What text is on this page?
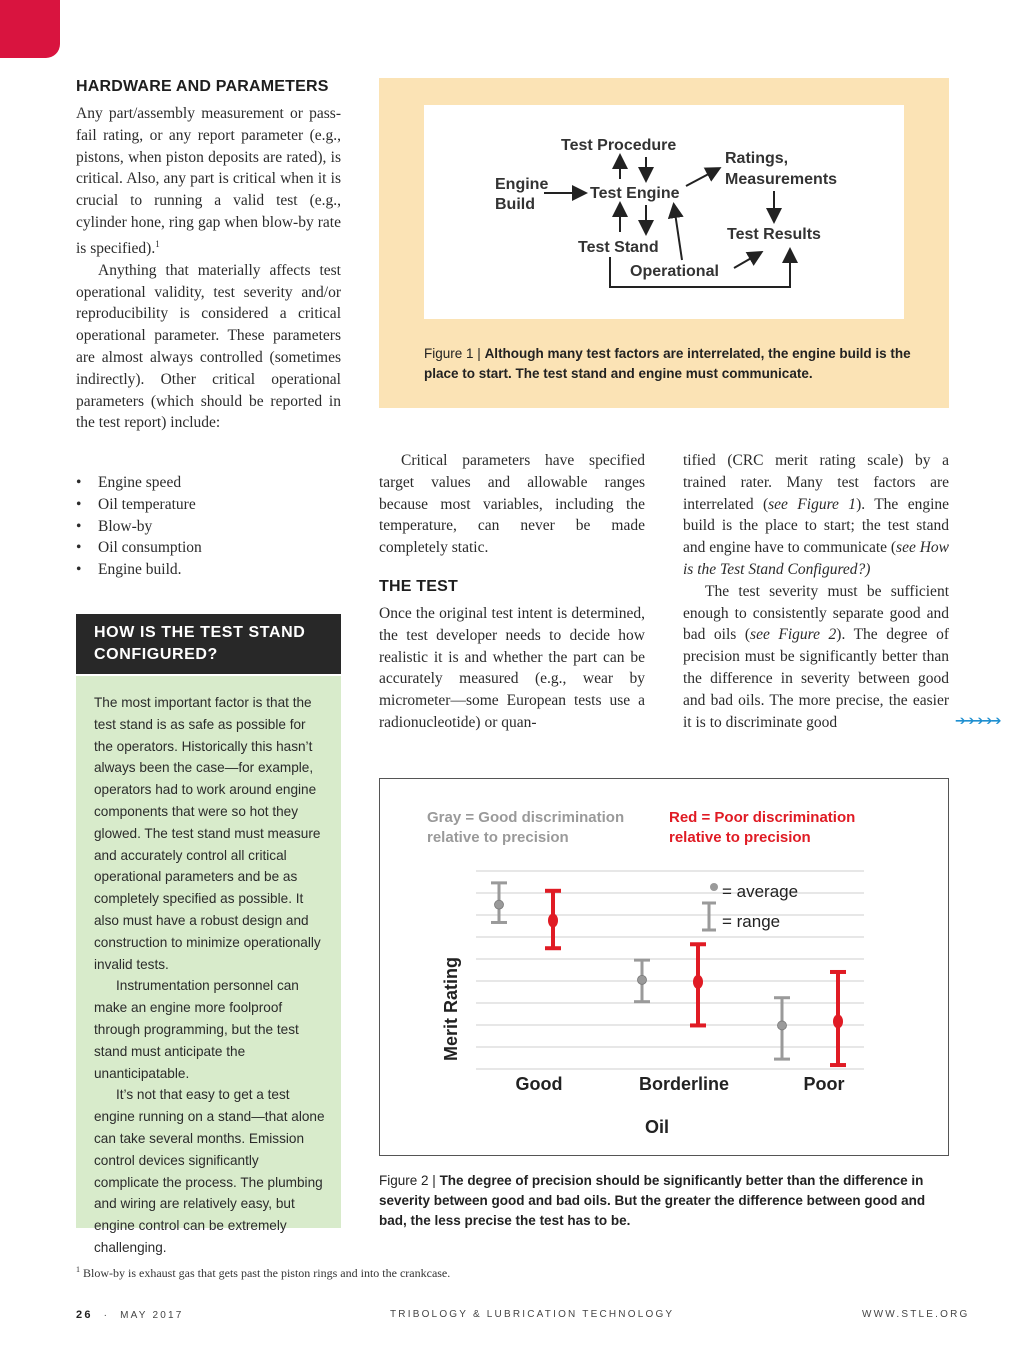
HARDWARE AND PARAMETERS

Any part/assembly measurement or pass-fail rating, or any report parameter (e.g., pistons, when piston deposits are rated), is critical. Also, any part is critical when it is crucial to running a valid test (e.g., cylinder hone, ring gap when blow-by rate is specified).$^1$

Anything that materially affects test operational validity, test severity and/or reproducibility is considered a critical operational parameter. These parameters are almost always controlled (sometimes indirectly). Other critical operational parameters (which should be reported in the test report) include:

• Engine speed
• Oil temperature
• Blow-by
• Oil consumption
• Engine build.
HOW IS THE TEST STAND
CONFIGURED?

The most important factor is that the test stand is as safe as possible for the operators. Historically this hasn’t always been the case—for example, operators had to work around engine components that were so hot they glowed. The test stand must measure and accurately control all critical operational parameters and be as completely specified as possible. It also must have a robust design and construction to minimize operationally invalid tests.

Instrumentation personnel can make an engine more foolproof through programming, but the test stand must anticipate the unanticipatable.

It’s not that easy to get a test engine running on a stand—that alone can take several months. Emission control devices significantly complicate the process. The plumbing and wiring are relatively easy, but engine control can be extremely challenging.

Test Procedure
Engine
Build
Test Engine
Ratings,
Measurements
Test Stand
Test Results
Operational
Figure 1 | Although many test factors are interrelated, the engine build is the place to start. The test stand and engine must communicate.

Critical parameters have specified target values and allowable ranges because most variables, including the temperature, can never be made completely static.

THE TEST

Once the original test intent is determined, the test developer needs to decide how realistic it is and whether the part can be accurately measured (e.g., wear by micrometer—some European tests use a radionucleotide) or quan-

tified (CRC merit rating scale) by a trained rater. Many test factors are interrelated (see Figure 1). The engine build is the place to start; the test stand and engine have to communicate (see How is the Test Stand Configured?)

The test severity must be sufficient enough to consistently separate good and bad oils (see Figure 2). The degree of precision must be significantly better than the difference in severity between good and bad oils. The more precise, the easier it is to discriminate good	➔➔➔➔➔
Gray = Good discrimination
relative to precision
Red = Poor discrimination
relative to precision
= average
= range
Merit Rating
Good	Borderline	Poor
Oil
Figure 2 | The degree of precision should be significantly better than the difference in severity between good and bad oils. But the greater the difference between good and bad, the less precise the test has to be.
$^1$ Blow-by is exhaust gas that gets past the piston rings and into the crankcase.
26 · MAY 2017	TRIBOLOGY & LUBRICATION TECHNOLOGY	WWW.STLE.ORG
